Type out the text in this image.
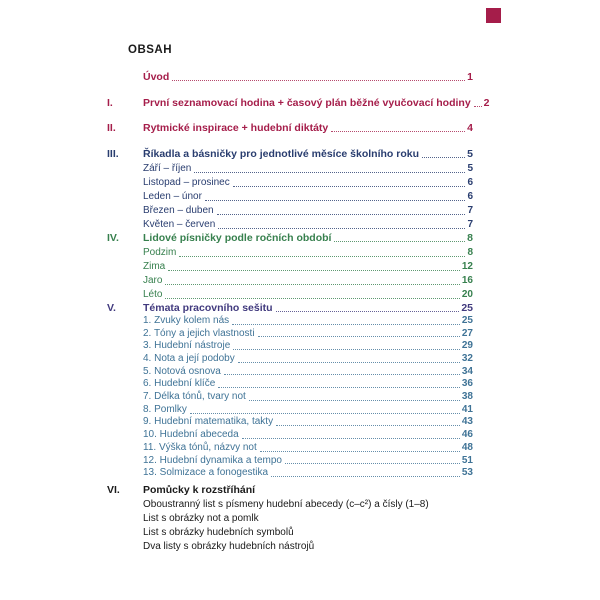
OBSAH
Úvod	1
I.	První seznamovací hodina + časový plán běžné vyučovací hodiny 2
II.	Rytmické inspirace + hudební diktáty	4
III. Říkadla a básničky pro jednotlivé měsíce školního roku	5
Září – říjen	5
Listopad – prosinec	6
Leden – únor	6
Březen – duben	7
Květen – červen	7
IV. Lidové písničky podle ročních období	8
Podzim	8
Zima	12
Jaro	16
Léto	20
V.	Témata pracovního sešitu	25
1. Zvuky kolem nás	25
2. Tóny a jejich vlastnosti	27
3. Hudební nástroje	29
4. Nota a její podoby	32
5. Notová osnova	34
6. Hudební klíče	36
7. Délka tónů, tvary not	38
8. Pomlky	41
9. Hudební matematika, takty	43
10. Hudební abeceda	46
11. Výška tónů, názvy not	48
12. Hudební dynamika a tempo	51
13. Solmizace a fonogestika	53
VI. Pomůcky k rozstříhání
Oboustranný list s písmeny hudební abecedy (c–c²) a čísly (1–8)
List s obrázky not a pomlk
List s obrázky hudebních symbolů
Dva listy s obrázky hudebních nástrojů
